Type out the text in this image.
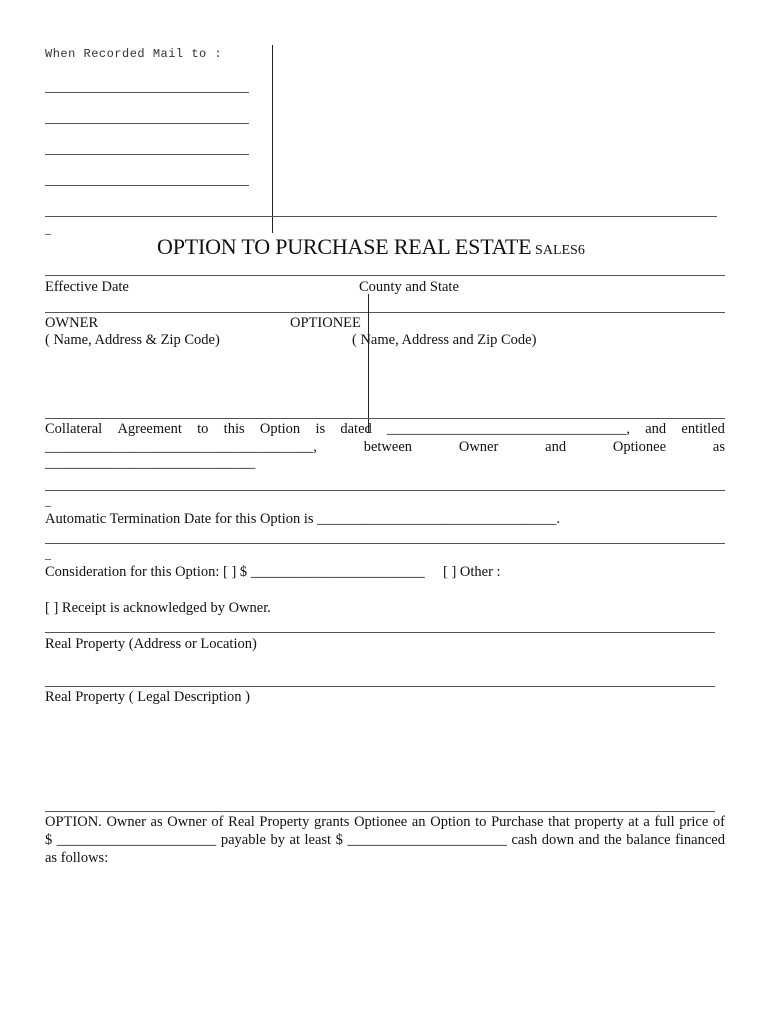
When Recorded Mail to :
_
OPTION TO PURCHASE REAL ESTATE SALES6
Effective Date	County and State
OWNER
( Name, Address & Zip Code)
OPTIONEE
( Name, Address and Zip Code)
Collateral Agreement to this Option is dated _________________________________, and entitled
_____________________________________,	between	Owner	and	Optionee	as
_____________________________
_
Automatic Termination Date for this Option is _________________________________.
_
Consideration for this Option: [ ] $ ________________________ [ ] Other :
[ ] Receipt is acknowledged by Owner.
Real Property (Address or Location)
Real Property ( Legal Description )
OPTION. Owner as Owner of Real Property grants Optionee an Option to Purchase that property at a full price of
$ ______________________ payable by at least $ ______________________ cash down and the balance financed
as follows:
